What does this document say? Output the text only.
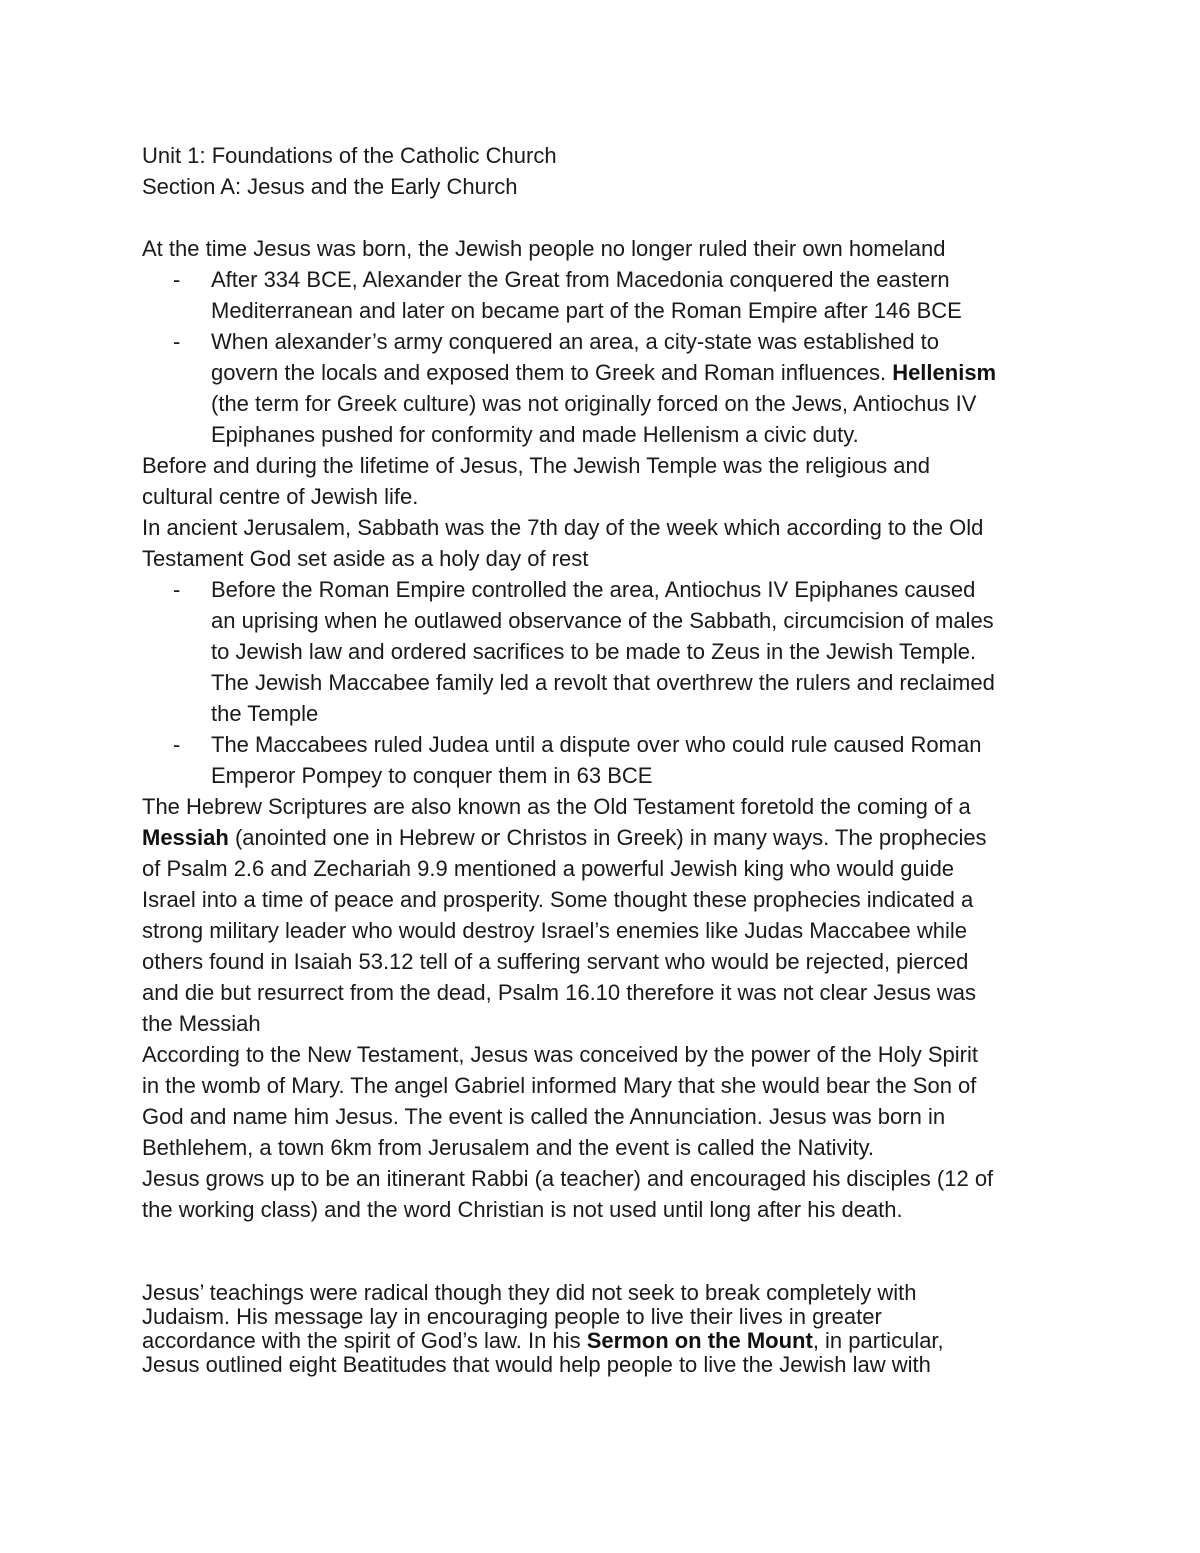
Unit 1: Foundations of the Catholic Church

Section A: Jesus and the Early Church

At the time Jesus was born, the Jewish people no longer ruled their own homeland

- After 334 BCE, Alexander the Great from Macedonia conquered the eastern
Mediterranean and later on became part of the Roman Empire after 146 BCE
- When alexander’s army conquered an area, a city-state was established to
govern the locals and exposed them to Greek and Roman influences. Hellenism
(the term for Greek culture) was not originally forced on the Jews, Antiochus IV
Epiphanes pushed for conformity and made Hellenism a civic duty.

Before and during the lifetime of Jesus, The Jewish Temple was the religious and

cultural centre of Jewish life.

In ancient Jerusalem, Sabbath was the 7th day of the week which according to the Old

Testament God set aside as a holy day of rest

- Before the Roman Empire controlled the area, Antiochus IV Epiphanes caused
an uprising when he outlawed observance of the Sabbath, circumcision of males
to Jewish law and ordered sacrifices to be made to Zeus in the Jewish Temple.
The Jewish Maccabee family led a revolt that overthrew the rulers and reclaimed
the Temple
- The Maccabees ruled Judea until a dispute over who could rule caused Roman
Emperor Pompey to conquer them in 63 BCE

The Hebrew Scriptures are also known as the Old Testament foretold the coming of a

Messiah (anointed one in Hebrew or Christos in Greek) in many ways. The prophecies

of Psalm 2.6 and Zechariah 9.9 mentioned a powerful Jewish king who would guide

Israel into a time of peace and prosperity. Some thought these prophecies indicated a

strong military leader who would destroy Israel’s enemies like Judas Maccabee while

others found in Isaiah 53.12 tell of a suffering servant who would be rejected, pierced

and die but resurrect from the dead, Psalm 16.10 therefore it was not clear Jesus was

the Messiah

According to the New Testament, Jesus was conceived by the power of the Holy Spirit

in the womb of Mary. The angel Gabriel informed Mary that she would bear the Son of

God and name him Jesus. The event is called the Annunciation. Jesus was born in

Bethlehem, a town 6km from Jerusalem and the event is called the Nativity.

Jesus grows up to be an itinerant Rabbi (a teacher) and encouraged his disciples (12 of

the working class) and the word Christian is not used until long after his death.

Jesus’ teachings were radical though they did not seek to break completely with

Judaism. His message lay in encouraging people to live their lives in greater

accordance with the spirit of God’s law. In his Sermon on the Mount, in particular,

Jesus outlined eight Beatitudes that would help people to live the Jewish law with
